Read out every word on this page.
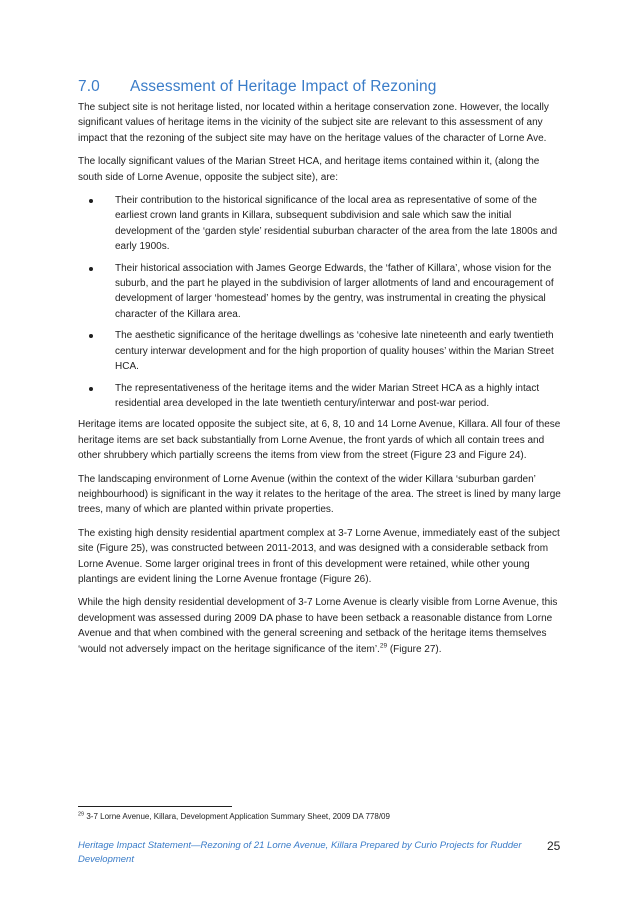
7.0 Assessment of Heritage Impact of Rezoning

The subject site is not heritage listed, nor located within a heritage conservation zone. However, the locally significant values of heritage items in the vicinity of the subject site are relevant to this assessment of any impact that the rezoning of the subject site may have on the heritage values of the character of Lorne Ave.

The locally significant values of the Marian Street HCA, and heritage items contained within it, (along the south side of Lorne Avenue, opposite the subject site), are:

Their contribution to the historical significance of the local area as representative of some of the earliest crown land grants in Killara, subsequent subdivision and sale which saw the initial development of the ‘garden style’ residential suburban character of the area from the late 1800s and early 1900s.
Their historical association with James George Edwards, the ‘father of Killara’, whose vision for the suburb, and the part he played in the subdivision of larger allotments of land and encouragement of development of larger ‘homestead’ homes by the gentry, was instrumental in creating the physical character of the Killara area.
The aesthetic significance of the heritage dwellings as ‘cohesive late nineteenth and early twentieth century interwar development and for the high proportion of quality houses’ within the Marian Street HCA.
The representativeness of the heritage items and the wider Marian Street HCA as a highly intact residential area developed in the late twentieth century/interwar and post-war period.

Heritage items are located opposite the subject site, at 6, 8, 10 and 14 Lorne Avenue, Killara. All four of these heritage items are set back substantially from Lorne Avenue, the front yards of which all contain trees and other shrubbery which partially screens the items from view from the street (Figure 23 and Figure 24).

The landscaping environment of Lorne Avenue (within the context of the wider Killara ‘suburban garden’ neighbourhood) is significant in the way it relates to the heritage of the area. The street is lined by many large trees, many of which are planted within private properties.

The existing high density residential apartment complex at 3-7 Lorne Avenue, immediately east of the subject site (Figure 25), was constructed between 2011-2013, and was designed with a considerable setback from Lorne Avenue. Some larger original trees in front of this development were retained, while other young plantings are evident lining the Lorne Avenue frontage (Figure 26).

While the high density residential development of 3-7 Lorne Avenue is clearly visible from Lorne Avenue, this development was assessed during 2009 DA phase to have been setback a reasonable distance from Lorne Avenue and that when combined with the general screening and setback of the heritage items themselves ‘would not adversely impact on the heritage significance of the item’.$^{29}$ (Figure 27).

$^{29}$ 3-7 Lorne Avenue, Killara, Development Application Summary Sheet, 2009 DA 778/09
Heritage Impact Statement—Rezoning of 21 Lorne Avenue, Killara Prepared by Curio Projects for Rudder Development
25
